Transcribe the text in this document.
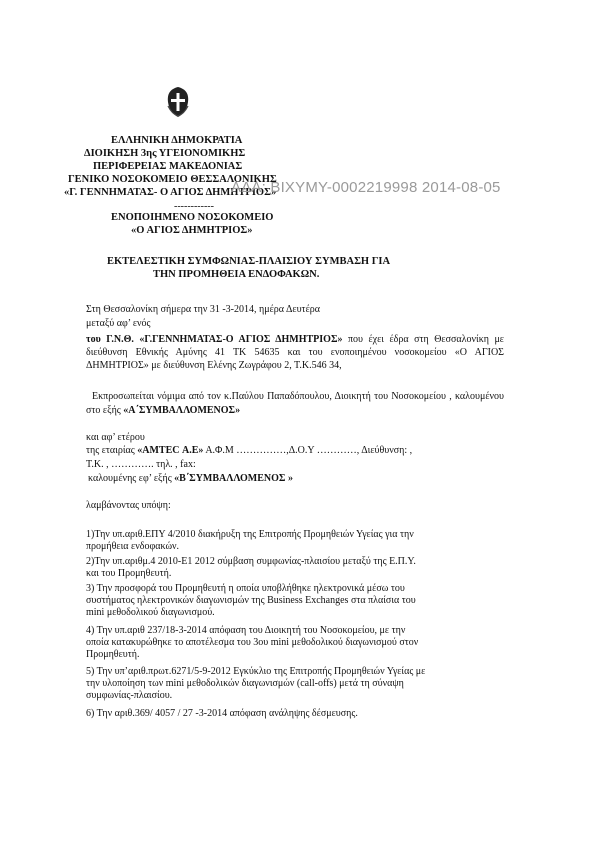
ΕΛΛΗΝΙΚΗ ΔΗΜΟΚΡΑΤΙΑ
ΔΙΟΙΚΗΣΗ 3ης ΥΓΕΙΟΝΟΜΙΚΗΣ
ΠΕΡΙΦΕΡΕΙΑΣ ΜΑΚΕΔΟΝΙΑΣ
ΓΕΝΙΚΟ ΝΟΣΟΚΟΜΕΙΟ ΘΕΣΣΑΛΟΝΙΚΗΣ
«Γ. ΓΕΝΝΗΜΑΤΑΣ- Ο ΑΓΙΟΣ ΔΗΜΗΤΡΙΟΣ»
------------
ΕΝΟΠΟΙΗΜΕΝΟ ΝΟΣΟΚΟΜΕΙΟ
«Ο ΑΓΙΟΣ ΔΗΜΗΤΡΙΟΣ»
ΑΔΑ: ΒΙΧΥΜΥ-0002219998 2014-08-05
ΕΚΤΕΛΕΣΤΙΚΗ ΣΥΜΦΩΝΙΑΣ-ΠΛΑΙΣΙΟΥ ΣΥΜΒΑΣΗ ΓΙΑ
ΤΗΝ ΠΡΟΜΗΘΕΙΑ ΕΝΔΟΦΑΚΩΝ.
Στη Θεσσαλονίκη σήμερα την 31 -3-2014, ημέρα Δευτέρα
μεταξύ αφ’ ενός
του Γ.Ν.Θ. «Γ.ΓΕΝΝΗΜΑΤΑΣ-Ο ΑΓΙΟΣ ΔΗΜΗΤΡΙΟΣ» που έχει έδρα στη Θεσσαλονίκη με διεύθυνση Εθνικής Αμύνης 41 ΤΚ 54635 και του ενοποιημένου νοσοκομείου «Ο ΑΓΙΟΣ ΔΗΜΗΤΡΙΟΣ» με διεύθυνση Ελένης Ζωγράφου 2, Τ.Κ.546 34,
Εκπροσωπείται νόμιμα από τον κ.Παύλου Παπαδόπουλου, Διοικητή του Νοσοκομείου , καλουμένου στο εξής «Α΄ΣΥΜΒΑΛΛΟΜΕΝΟΣ»
και αφ’ ετέρου
της εταιρίας «ΑΜΤΕC Α.Ε» Α.Φ.Μ ……………,Δ.Ο.Υ …………, Διεύθυνση: ,
Τ.Κ. , …………. τηλ. , fax:
καλουμένης εφ’ εξής «Β΄ΣΥΜΒΑΛΛΟΜΕΝΟΣ »
λαμβάνοντας υπόψη:
1)Την υπ.αριθ.ΕΠΥ 4/2010 διακήρυξη της Επιτροπής Προμηθειών Υγείας για την
προμήθεια ενδοφακών.
2)Την υπ.αριθμ.4 2010-Ε1 2012 σύμβαση συμφωνίας-πλαισίου μεταξύ της Ε.Π.Υ.
και του Προμηθευτή.
3) Την προσφορά του Προμηθευτή η οποία υποβλήθηκε ηλεκτρονικά μέσω του
συστήματος ηλεκτρονικών διαγωνισμών της Business Exchanges στα πλαίσια του
mini μεθοδολικού διαγωνισμού.
4) Την υπ.αριθ 237/18-3-2014 απόφαση του Διοικητή του Νοσοκομείου, με την
οποία κατακυρώθηκε το αποτέλεσμα του 3ου mini μεθοδολικού διαγωνισμού στον
Προμηθευτή.
5) Την υπ’αριθ.πρωτ.6271/5-9-2012 Εγκύκλιο της Επιτροπής Προμηθειών Υγείας με
την υλοποίηση των mini μεθοδολικών διαγωνισμών (call-offs) μετά τη σύναψη
συμφωνίας-πλαισίου.
6) Την αριθ.369/ 4057 / 27 -3-2014 απόφαση ανάληψης δέσμευσης.
